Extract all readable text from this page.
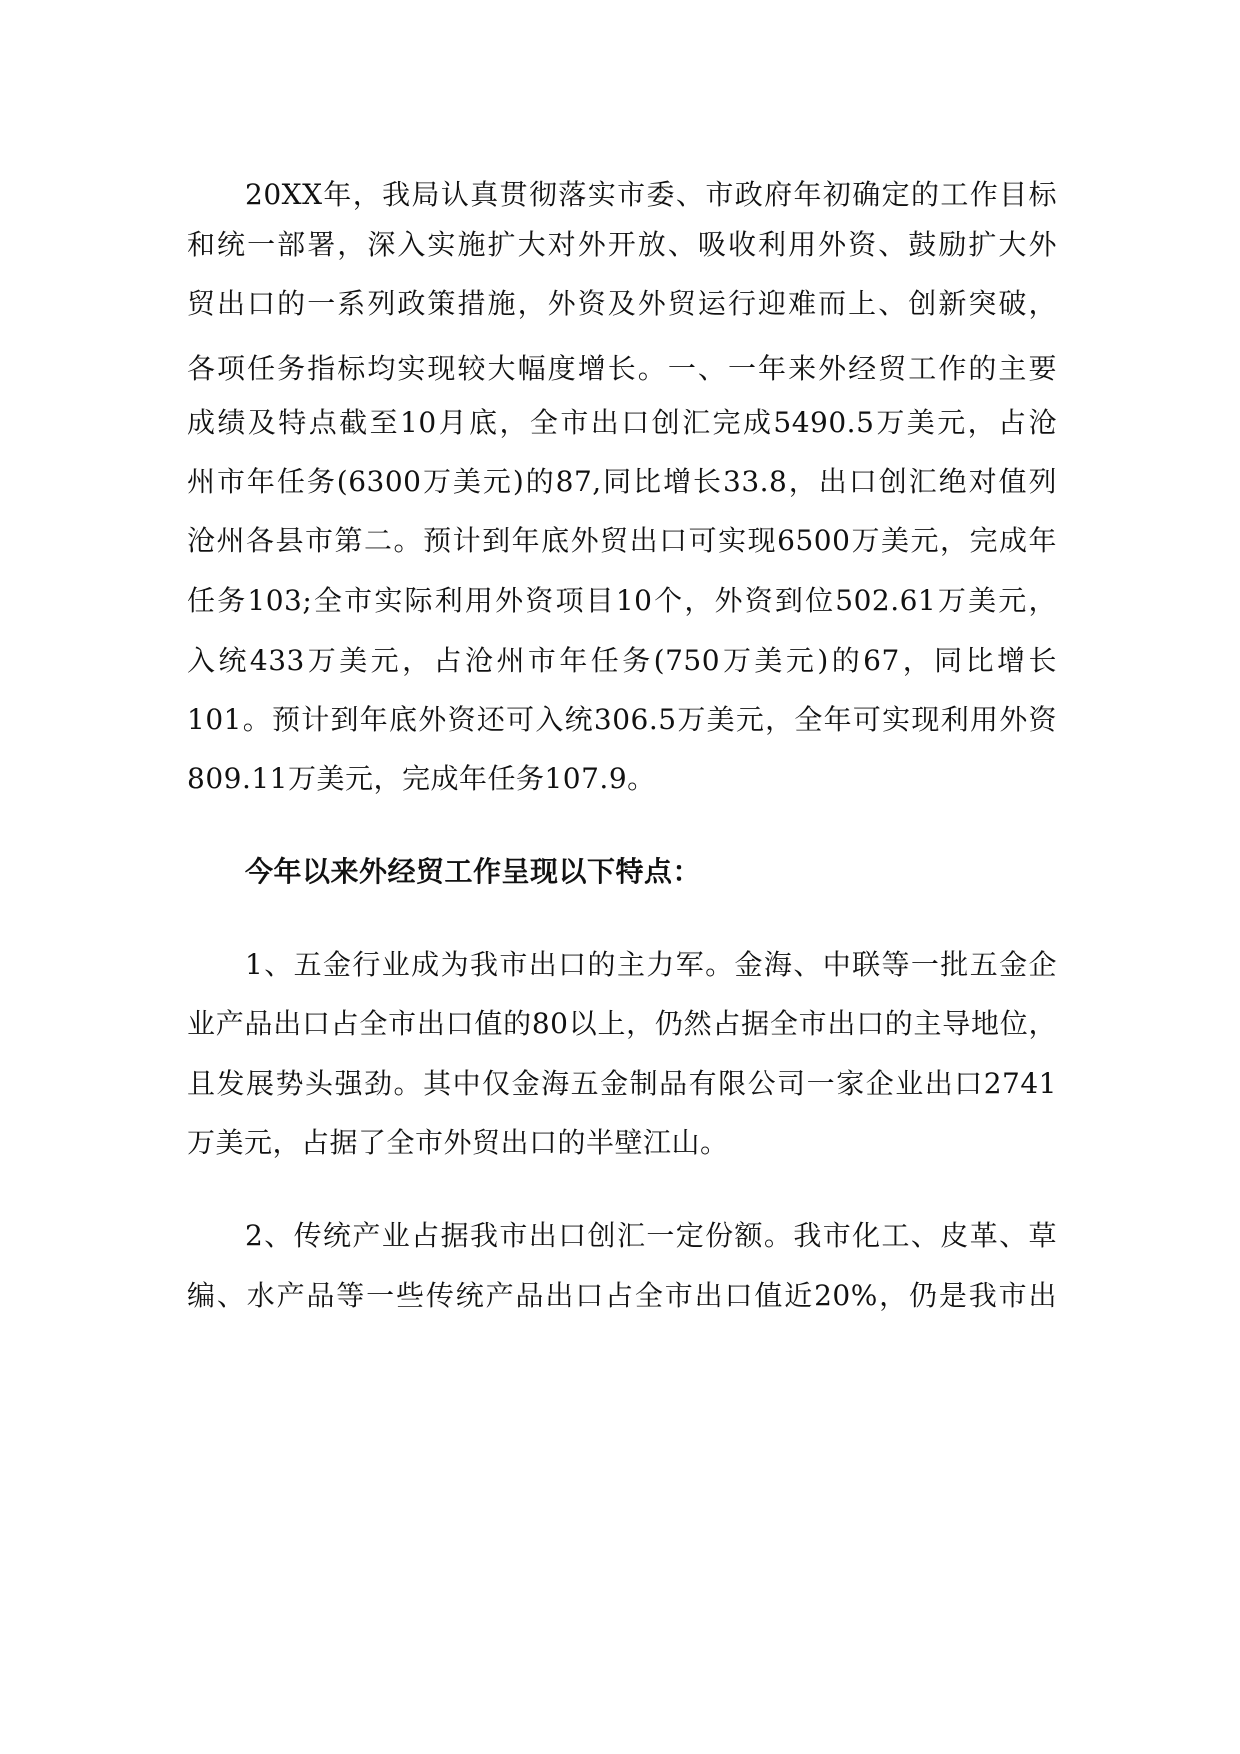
20XX年，我局认真贯彻落实市委、市政府年初确定的工作目标
和统一部署，深入实施扩大对外开放、吸收利用外资、鼓励扩大外
贸出口的一系列政策措施，外资及外贸运行迎难而上、创新突破，
各项任务指标均实现较大幅度增长。一、一年来外经贸工作的主要
成绩及特点截至10月底，全市出口创汇完成5490.5万美元，占沧
州市年任务(6300万美元)的87,同比增长33.8，出口创汇绝对值列
沧州各县市第二。预计到年底外贸出口可实现6500万美元，完成年
任务103;全市实际利用外资项目10个，外资到位502.61万美元，
入统433万美元，占沧州市年任务(750万美元)的67，同比增长
101。预计到年底外资还可入统306.5万美元，全年可实现利用外资
809.11万美元，完成年任务107.9。
今年以来外经贸工作呈现以下特点：
1、五金行业成为我市出口的主力军。金海、中联等一批五金企
业产品出口占全市出口值的80以上，仍然占据全市出口的主导地位，
且发展势头强劲。其中仅金海五金制品有限公司一家企业出口2741
万美元，占据了全市外贸出口的半壁江山。
2、传统产业占据我市出口创汇一定份额。我市化工、皮革、草
编、水产品等一些传统产品出口占全市出口值近20%，仍是我市出
